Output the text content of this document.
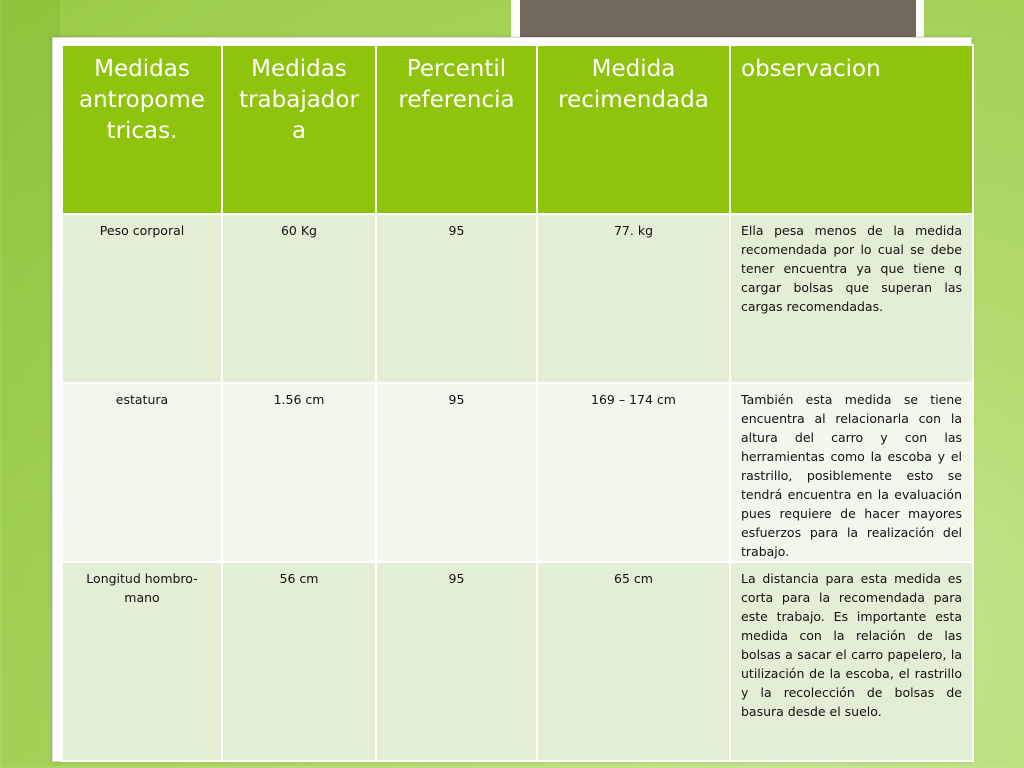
Medidas antropome tricas.	Medidas trabajador a	Percentil referencia	Medida recimendada	observacion
Peso corporal	60 Kg	95	77. kg	Ella pesa menos de la medida recomendada por lo cual se debe tener encuentra ya que tiene q cargar bolsas que superan las cargas recomendadas.
estatura	1.56 cm	95	169 – 174 cm	También esta medida se tiene encuentra al relacionarla con la altura del carro y con las herramientas como la escoba y el rastrillo, posiblemente esto se tendrá encuentra en la evaluación pues requiere de hacer mayores esfuerzos para la realización del trabajo.
Longitud hombro-mano	56 cm	95	65 cm	La distancia para esta medida es corta para la recomendada para este trabajo. Es importante esta medida con la relación de las bolsas a sacar el carro papelero, la utilización de la escoba, el rastrillo y la recolección de bolsas de basura desde el suelo.
